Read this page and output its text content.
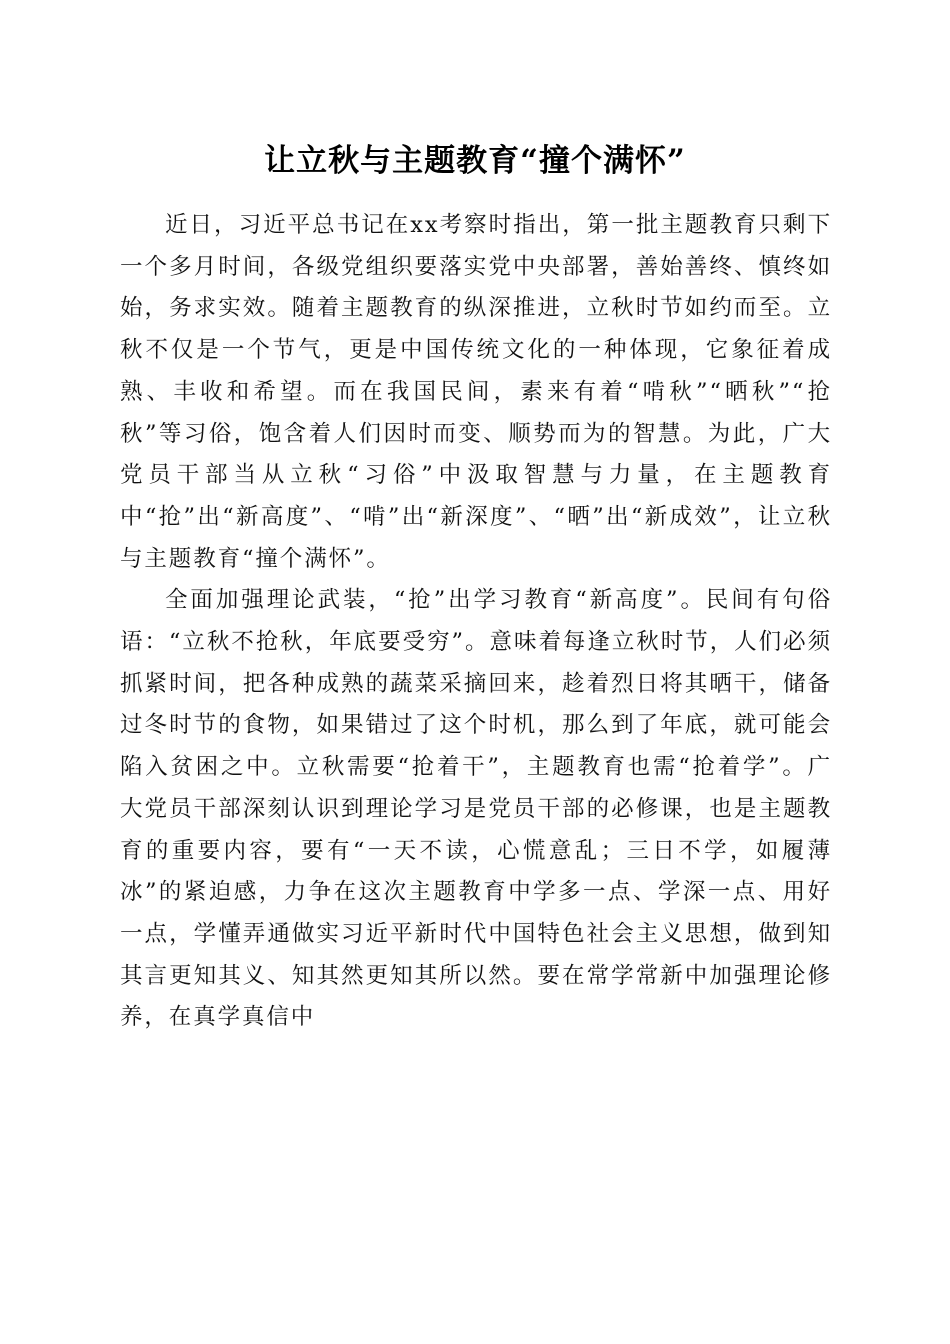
让立秋与主题教育“撞个满怀”

近日，习近平总书记在xx考察时指出，第一批主题教育只剩下一个多月时间，各级党组织要落实党中央部署，善始善终、慎终如始，务求实效。随着主题教育的纵深推进，立秋时节如约而至。立秋不仅是一个节气，更是中国传统文化的一种体现，它象征着成熟、丰收和希望。而在我国民间，素来有着“啃秋”“晒秋”“抢秋”等习俗，饱含着人们因时而变、顺势而为的智慧。为此，广大党员干部当从立秋“习俗”中汲取智慧与力量，在主题教育中“抢”出“新高度”、“啃”出“新深度”、“晒”出“新成效”，让立秋与主题教育“撞个满怀”。

全面加强理论武装，“抢”出学习教育“新高度”。民间有句俗语：“立秋不抢秋，年底要受穷”。意味着每逢立秋时节，人们必须抓紧时间，把各种成熟的蔬菜采摘回来，趁着烈日将其晒干，储备过冬时节的食物，如果错过了这个时机，那么到了年底，就可能会陷入贫困之中。立秋需要“抢着干”，主题教育也需“抢着学”。广大党员干部深刻认识到理论学习是党员干部的必修课，也是主题教育的重要内容，要有“一天不读，心慌意乱；三日不学，如履薄冰”的紧迫感，力争在这次主题教育中学多一点、学深一点、用好一点，学懂弄通做实习近平新时代中国特色社会主义思想，做到知其言更知其义、知其然更知其所以然。要在常学常新中加强理论修养，在真学真信中
